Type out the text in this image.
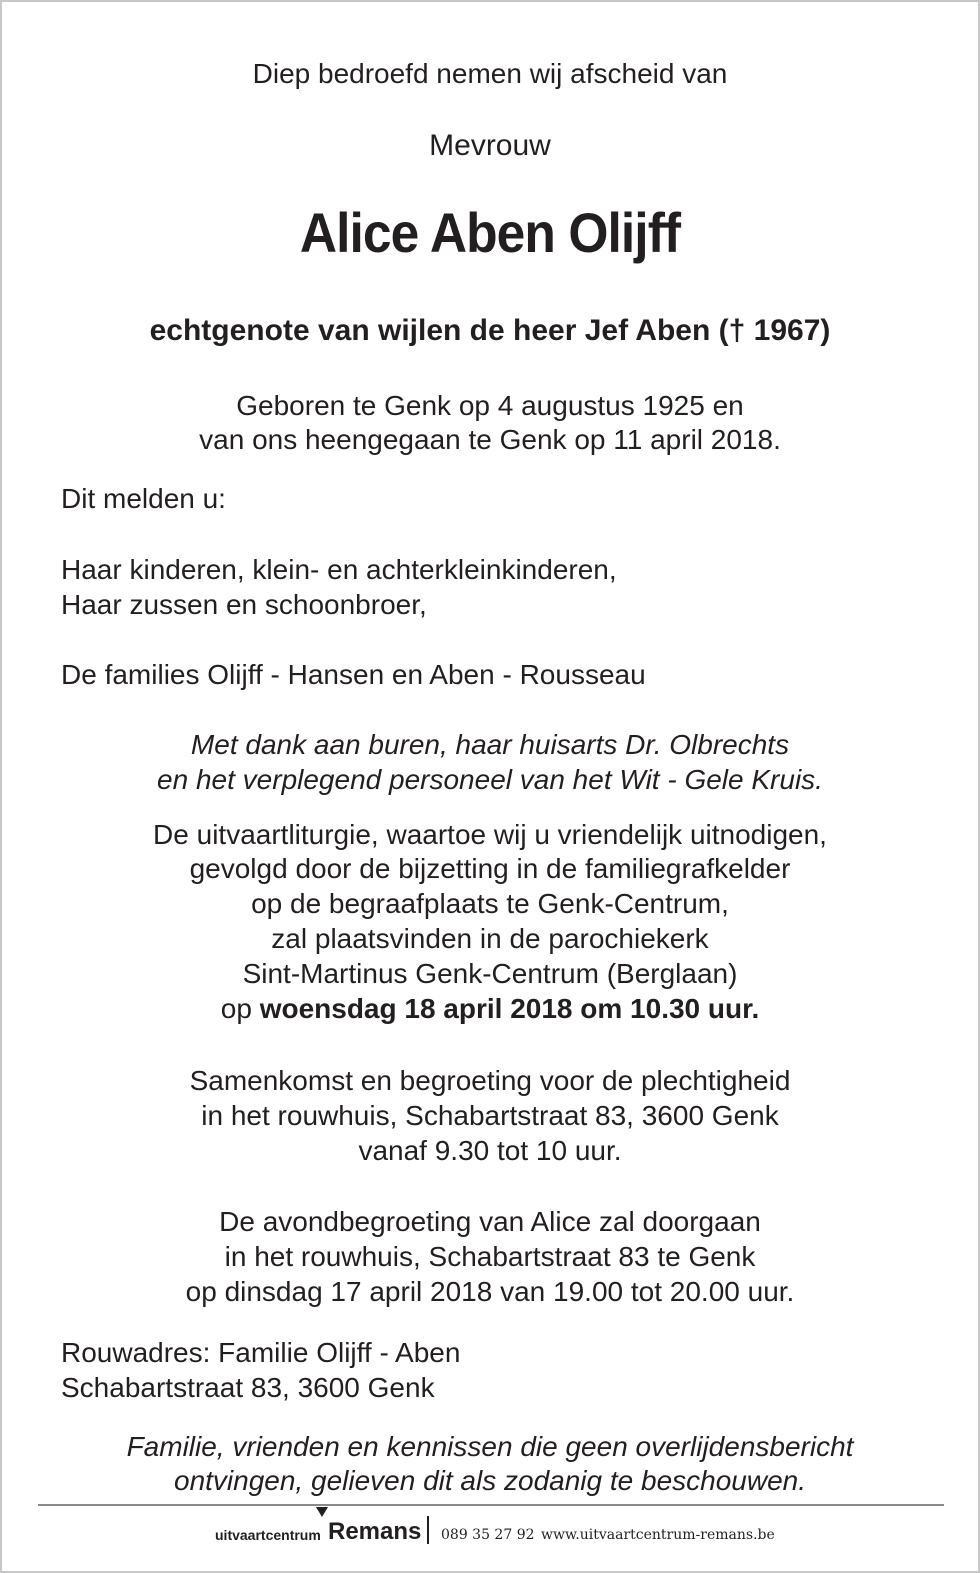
Diep bedroefd nemen wij afscheid van
Mevrouw
Alice Aben Olijff
echtgenote van wijlen de heer Jef Aben († 1967)
Geboren te Genk op 4 augustus 1925 en
van ons heengegaan te Genk op 11 april 2018.
Dit melden u:
Haar kinderen, klein- en achterkleinkinderen,
Haar zussen en schoonbroer,
De families Olijff - Hansen en Aben - Rousseau
Met dank aan buren, haar huisarts Dr. Olbrechts
en het verplegend personeel van het Wit - Gele Kruis.
De uitvaartliturgie, waartoe wij u vriendelijk uitnodigen,
gevolgd door de bijzetting in de familiegrafkelder
op de begraafplaats te Genk-Centrum,
zal plaatsvinden in de parochiekerk
Sint-Martinus Genk-Centrum (Berglaan)
op woensdag 18 april 2018 om 10.30 uur.
Samenkomst en begroeting voor de plechtigheid
in het rouwhuis, Schabartstraat 83, 3600 Genk
vanaf 9.30 tot 10 uur.
De avondbegroeting van Alice zal doorgaan
in het rouwhuis, Schabartstraat 83 te Genk
op dinsdag 17 april 2018 van 19.00 tot 20.00 uur.
Rouwadres: Familie Olijff - Aben
Schabartstraat 83, 3600 Genk
Familie, vrienden en kennissen die geen overlijdensbericht
ontvingen, gelieven dit als zodanig te beschouwen.
uitvaartcentrum Remans 089 35 27 92 www.uitvaartcentrum-remans.be
